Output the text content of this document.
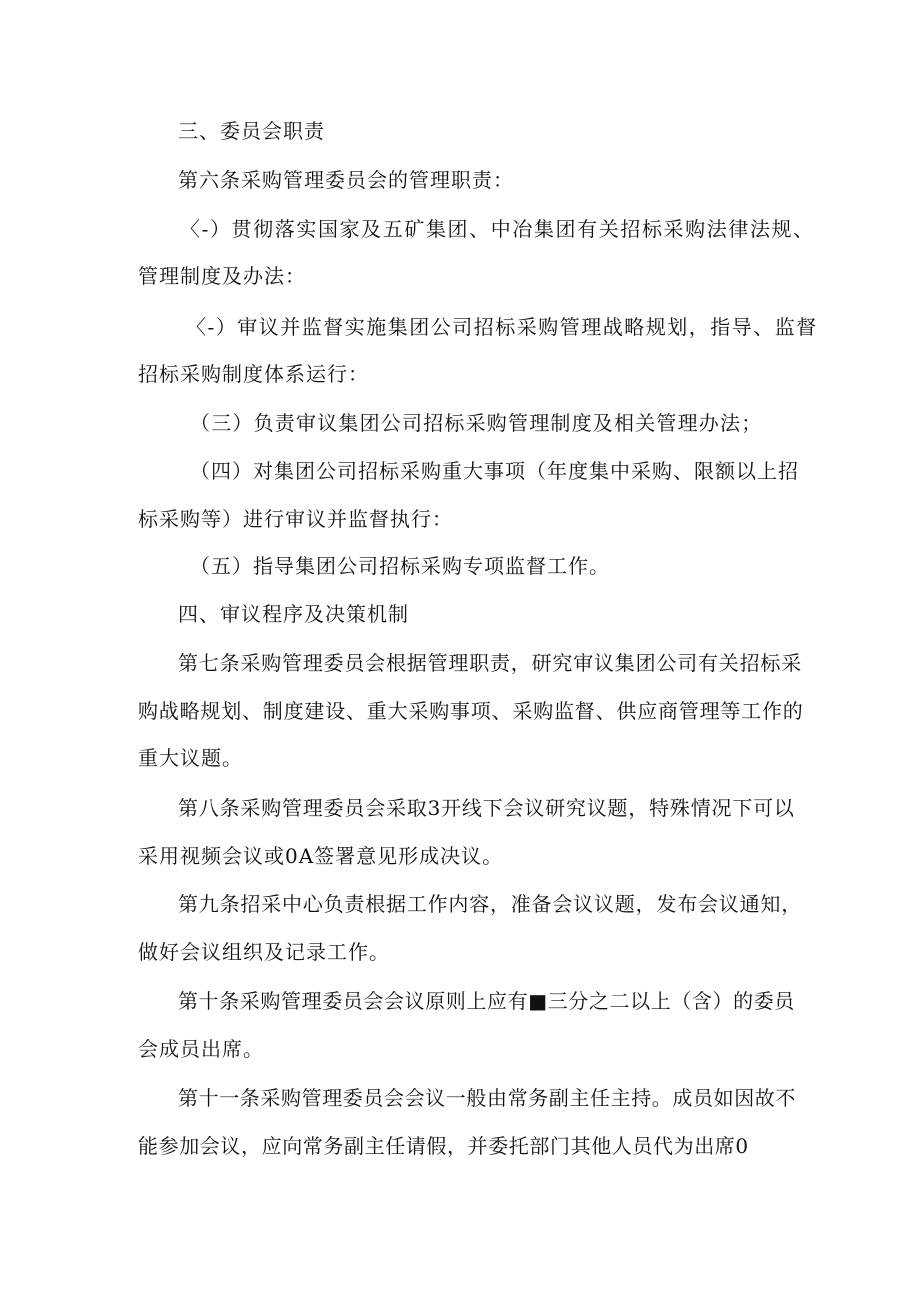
三、委员会职责
第六条采购管理委员会的管理职责：
〈-）贯彻落实国家及五矿集团、中冶集团有关招标采购法律法规、
管理制度及办法：
〈-）审议并监督实施集团公司招标采购管理战略规划，指导、监督
招标采购制度体系运行：
（三）负责审议集团公司招标采购管理制度及相关管理办法；
（四）对集团公司招标采购重大事项（年度集中采购、限额以上招
标采购等）进行审议并监督执行：
（五）指导集团公司招标采购专项监督工作。
四、审议程序及决策机制
第七条采购管理委员会根据管理职责，研究审议集团公司有关招标采
购战略规划、制度建设、重大采购事项、采购监督、供应商管理等工作的
重大议题。
第八条采购管理委员会采取3开线下会议研究议题，特殊情况下可以
采用视频会议或0A签署意见形成决议。
第九条招采中心负责根据工作内容，准备会议议题，发布会议通知，
做好会议组织及记录工作。
第十条采购管理委员会会议原则上应有■三分之二以上（含）的委员
会成员出席。
第十一条采购管理委员会会议一般由常务副主任主持。成员如因故不
能参加会议，应向常务副主任请假，并委托部门其他人员代为出席0
